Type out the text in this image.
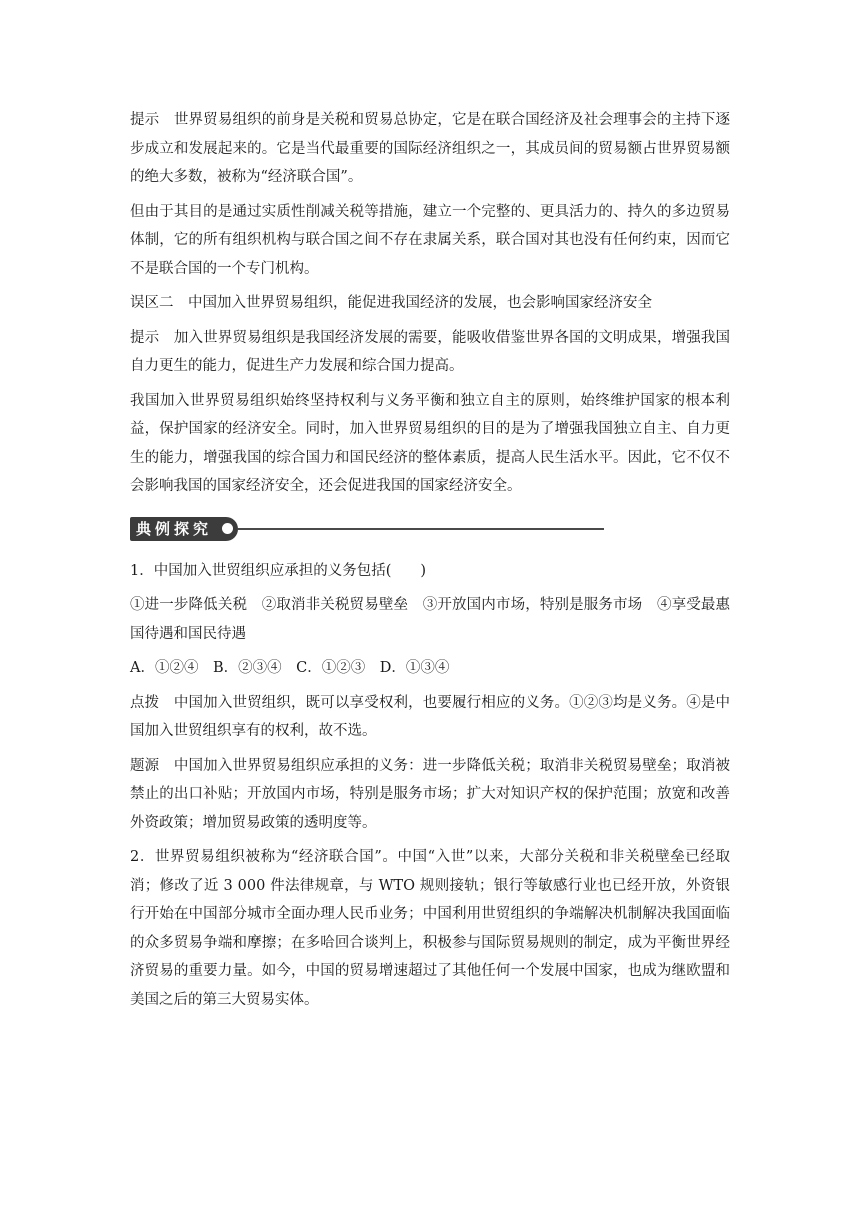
提示　世界贸易组织的前身是关税和贸易总协定，它是在联合国经济及社会理事会的主持下逐步成立和发展起来的。它是当代最重要的国际经济组织之一，其成员间的贸易额占世界贸易额的绝大多数，被称为“经济联合国”。

但由于其目的是通过实质性削减关税等措施，建立一个完整的、更具活力的、持久的多边贸易体制，它的所有组织机构与联合国之间不存在隶属关系，联合国对其也没有任何约束，因而它不是联合国的一个专门机构。

误区二　中国加入世界贸易组织，能促进我国经济的发展，也会影响国家经济安全

提示　加入世界贸易组织是我国经济发展的需要，能吸收借鉴世界各国的文明成果，增强我国自力更生的能力，促进生产力发展和综合国力提高。

我国加入世界贸易组织始终坚持权利与义务平衡和独立自主的原则，始终维护国家的根本利益，保护国家的经济安全。同时，加入世界贸易组织的目的是为了增强我国独立自主、自力更生的能力，增强我国的综合国力和国民经济的整体素质，提高人民生活水平。因此，它不仅不会影响我国的国家经济安全，还会促进我国的国家经济安全。

典例探究

1．中国加入世贸组织应承担的义务包括(　　)

①进一步降低关税　②取消非关税贸易壁垒　③开放国内市场，特别是服务市场　④享受最惠国待遇和国民待遇

A．①②④　B．②③④　C．①②③　D．①③④

点拨　中国加入世贸组织，既可以享受权利，也要履行相应的义务。①②③均是义务。④是中国加入世贸组织享有的权利，故不选。

题源　中国加入世界贸易组织应承担的义务：进一步降低关税；取消非关税贸易壁垒；取消被禁止的出口补贴；开放国内市场，特别是服务市场；扩大对知识产权的保护范围；放宽和改善外资政策；增加贸易政策的透明度等。

2．世界贸易组织被称为“经济联合国”。中国“入世”以来，大部分关税和非关税壁垒已经取消；修改了近 3 000 件法律规章，与 WTO 规则接轨；银行等敏感行业也已经开放，外资银行开始在中国部分城市全面办理人民币业务；中国利用世贸组织的争端解决机制解决我国面临的众多贸易争端和摩擦；在多哈回合谈判上，积极参与国际贸易规则的制定，成为平衡世界经济贸易的重要力量。如今，中国的贸易增速超过了其他任何一个发展中国家，也成为继欧盟和美国之后的第三大贸易实体。
